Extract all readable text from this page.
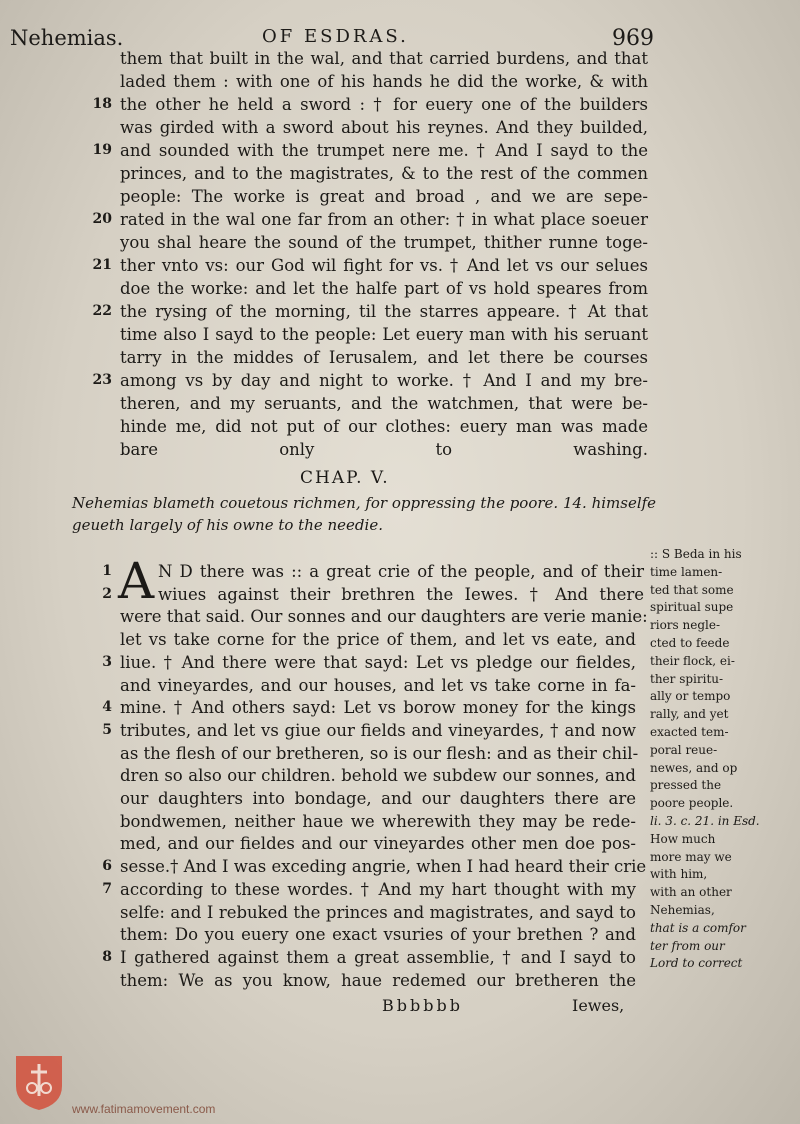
Nehemias.	OF ESDRAS.	969
them that built in the wal, and that carried burdens, and that
laded them : with one of his hands he did the worke, & with
18 the other he held a sword : † for euery one of the builders
was girded with a sword about his reynes. And they builded,
19 and sounded with the trumpet nere me. † And I sayd to the
princes, and to the magistrates, & to the rest of the commen
people: The worke is great and broad , and we are sepe-
20 rated in the wal one far from an other: † in what place soeuer
you shal heare the sound of the trumpet, thither runne toge-
21 ther vnto vs: our God wil fight for vs. † And let vs our selues
doe the worke: and let the halfe part of vs hold speares from
22 the rysing of the morning, til the starres appeare. † At that
time also I sayd to the people: Let euery man with his seruant
tarry in the middes of Ierusalem, and let there be courses
23 among vs by day and night to worke. † And I and my bre-
theren, and my seruants, and the watchmen, that were be-
hinde me, did not put of our clothes: euery man was made
bare only to washing.
CHAP. V.
Nehemias blameth couetous richmen, for oppressing the poore. 14. himselfe
geueth largely of his owne to the needie.
A
1	N D there was :: a great crie of the people, and of their
2	wiues against their brethren the Iewes. † And there
were that said. Our sonnes and our daughters are verie manie:
let vs take corne for the price of them, and let vs eate, and
3 liue. † And there were that sayd: Let vs pledge our fieldes,
and vineyardes, and our houses, and let vs take corne in fa-
4 mine. † And others sayd: Let vs borow money for the kings
5 tributes, and let vs giue our fields and vineyardes, † and now
as the flesh of our bretheren, so is our flesh: and as their chil-
dren so also our children. behold we subdew our sonnes, and
our daughters into bondage, and our daughters there are
bondwemen, neither haue we wherewith they may be rede-
med, and our fieldes and our vineyardes other men doe pos-
6 sesse.† And I was exceding angrie, when I had heard their crie
7 according to these wordes. † And my hart thought with my
selfe: and I rebuked the princes and magistrates, and sayd to
them: Do you euery one exact vsuries of your brethen ? and
8 I gathered against them a great assemblie, † and I sayd to
them: We as you know, haue redemed our bretheren the
:: S Beda in his
time lamen-
ted that some
spiritual supe
riors negle-
cted to feede
their flock, ei-
ther spiritu-
ally or tempo
rally, and yet
exacted tem-
poral reue-
newes, and op
pressed the
poore people.
li. 3. c. 21. in Esd.
How much
more may we
with him,
with an other
Nehemias,
that is a comfor
ter from our
Lord to correct
Bbbbbb	Iewes,
www.fatimamovement.com
